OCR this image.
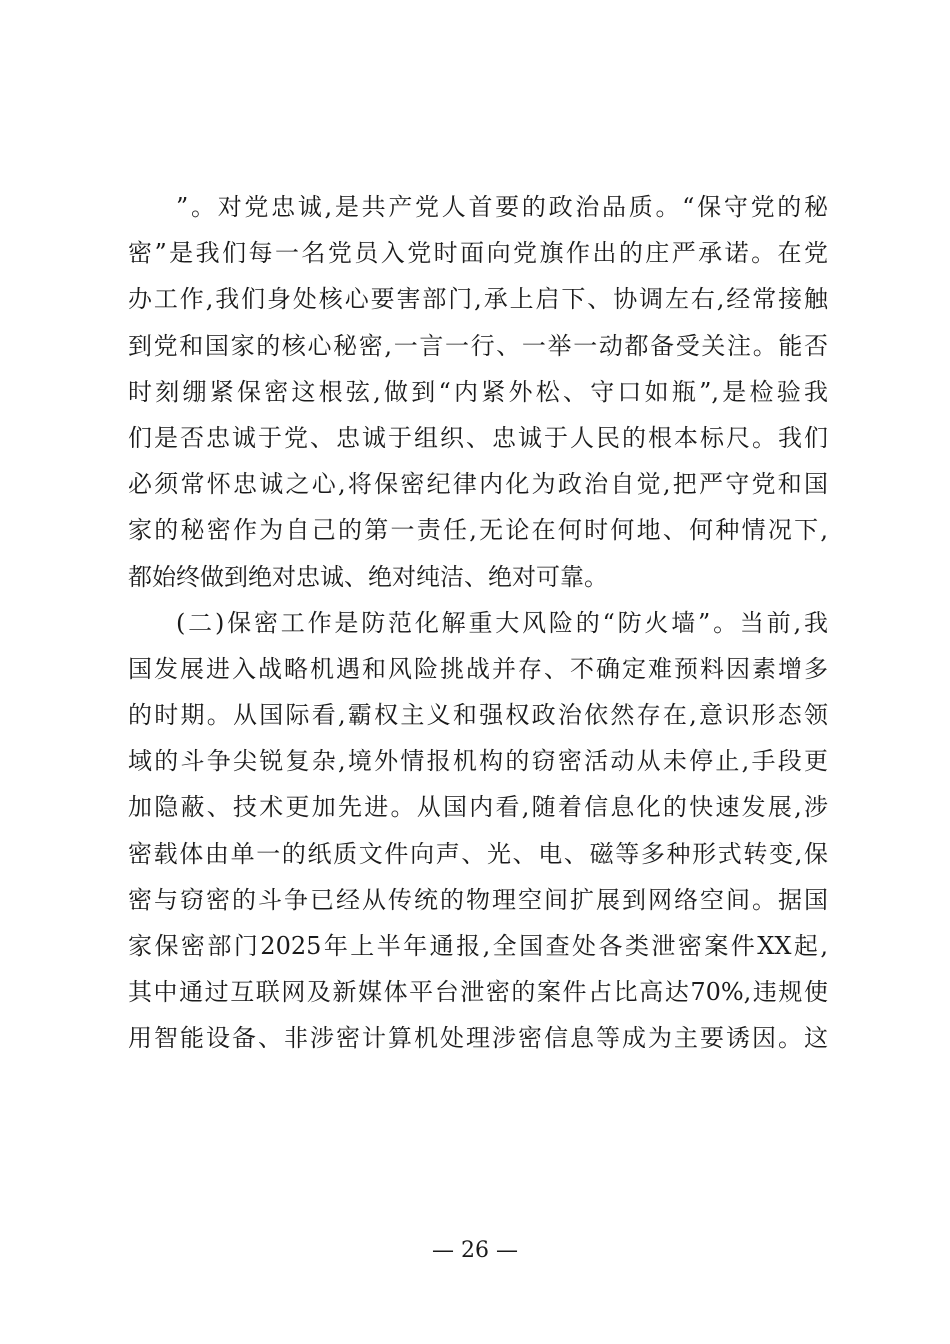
”。对党忠诚,是共产党人首要的政治品质。“保守党的秘
密”是我们每一名党员入党时面向党旗作出的庄严承诺。在党
办工作,我们身处核心要害部门,承上启下、协调左右,经常接触
到党和国家的核心秘密,一言一行、一举一动都备受关注。能否
时刻绷紧保密这根弦,做到“内紧外松、守口如瓶”,是检验我
们是否忠诚于党、忠诚于组织、忠诚于人民的根本标尺。我们
必须常怀忠诚之心,将保密纪律内化为政治自觉,把严守党和国
家的秘密作为自己的第一责任,无论在何时何地、何种情况下,
都始终做到绝对忠诚、绝对纯洁、绝对可靠。
(二)保密工作是防范化解重大风险的“防火墙”。当前,我
国发展进入战略机遇和风险挑战并存、不确定难预料因素增多
的时期。从国际看,霸权主义和强权政治依然存在,意识形态领
域的斗争尖锐复杂,境外情报机构的窃密活动从未停止,手段更
加隐蔽、技术更加先进。从国内看,随着信息化的快速发展,涉
密载体由单一的纸质文件向声、光、电、磁等多种形式转变,保
密与窃密的斗争已经从传统的物理空间扩展到网络空间。据国
家保密部门2025年上半年通报,全国查处各类泄密案件XX起,
其中通过互联网及新媒体平台泄密的案件占比高达70%,违规使
用智能设备、非涉密计算机处理涉密信息等成为主要诱因。这
— 26 —
